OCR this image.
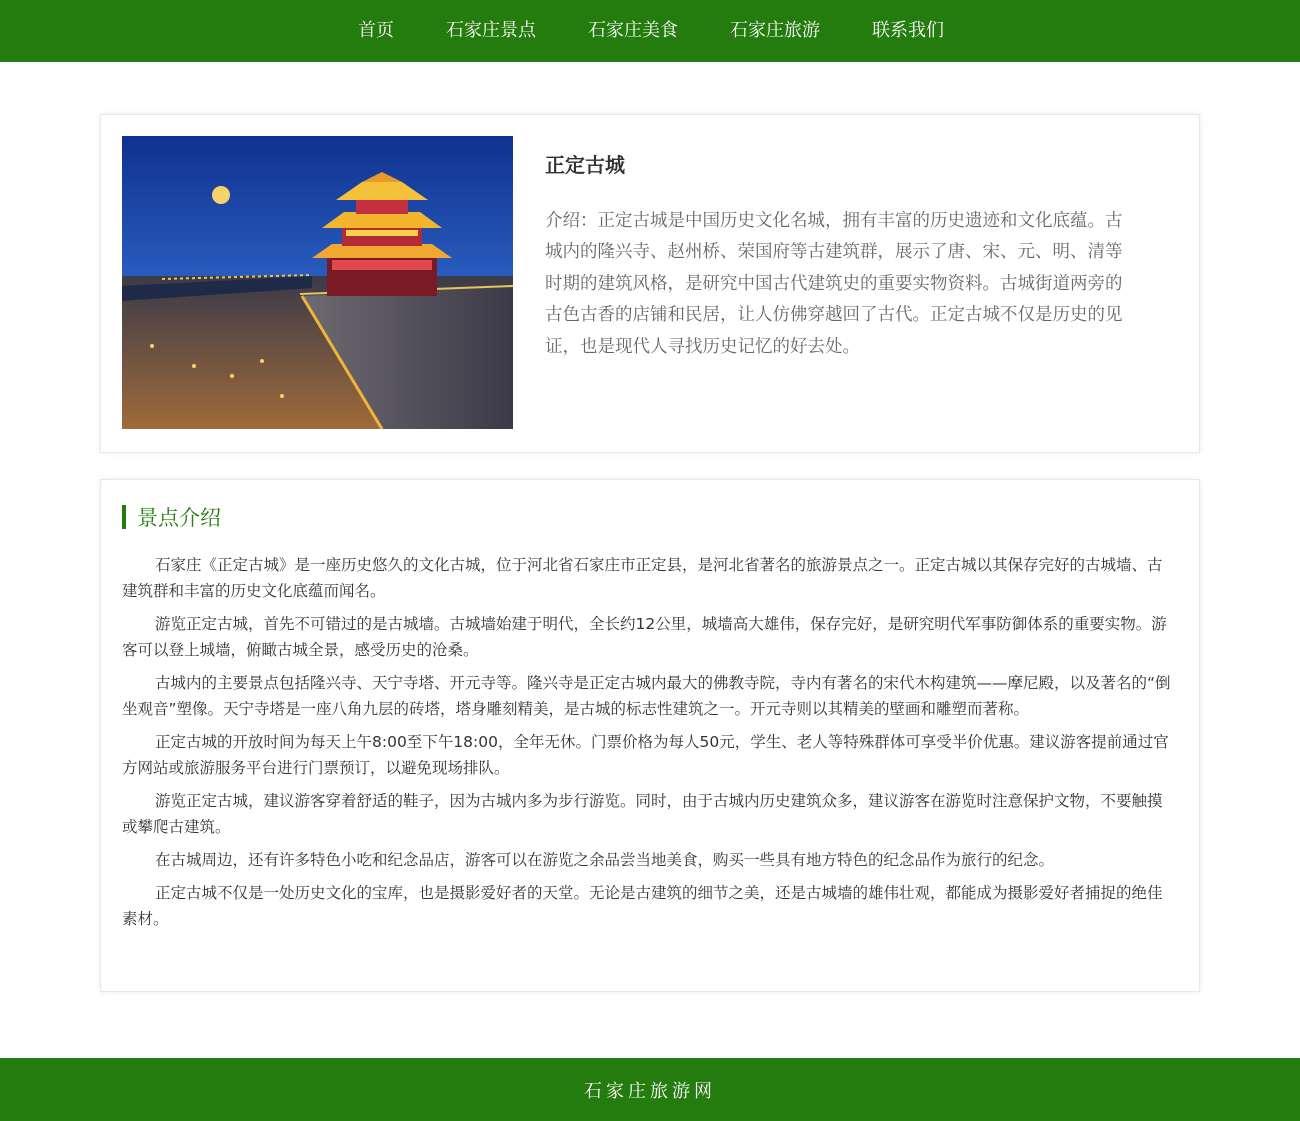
首页	石家庄景点	石家庄美食	石家庄旅游	联系我们
正定古城

介绍：正定古城是中国历史文化名城，拥有丰富的历史遗迹和文化底蕴。古城内的隆兴寺、赵州桥、荣国府等古建筑群，展示了唐、宋、元、明、清等时期的建筑风格，是研究中国古代建筑史的重要实物资料。古城街道两旁的古色古香的店铺和民居，让人仿佛穿越回了古代。正定古城不仅是历史的见证，也是现代人寻找历史记忆的好去处。

景点介绍

石家庄《正定古城》是一座历史悠久的文化古城，位于河北省石家庄市正定县，是河北省著名的旅游景点之一。正定古城以其保存完好的古城墙、古建筑群和丰富的历史文化底蕴而闻名。

游览正定古城，首先不可错过的是古城墙。古城墙始建于明代，全长约12公里，城墙高大雄伟，保存完好，是研究明代军事防御体系的重要实物。游客可以登上城墙，俯瞰古城全景，感受历史的沧桑。

古城内的主要景点包括隆兴寺、天宁寺塔、开元寺等。隆兴寺是正定古城内最大的佛教寺院，寺内有著名的宋代木构建筑——摩尼殿，以及著名的“倒坐观音”塑像。天宁寺塔是一座八角九层的砖塔，塔身雕刻精美，是古城的标志性建筑之一。开元寺则以其精美的壁画和雕塑而著称。

正定古城的开放时间为每天上午8:00至下午18:00，全年无休。门票价格为每人50元，学生、老人等特殊群体可享受半价优惠。建议游客提前通过官方网站或旅游服务平台进行门票预订，以避免现场排队。

游览正定古城，建议游客穿着舒适的鞋子，因为古城内多为步行游览。同时，由于古城内历史建筑众多，建议游客在游览时注意保护文物，不要触摸或攀爬古建筑。

在古城周边，还有许多特色小吃和纪念品店，游客可以在游览之余品尝当地美食，购买一些具有地方特色的纪念品作为旅行的纪念。

正定古城不仅是一处历史文化的宝库，也是摄影爱好者的天堂。无论是古建筑的细节之美，还是古城墙的雄伟壮观，都能成为摄影爱好者捕捉的绝佳素材。

石家庄旅游网
